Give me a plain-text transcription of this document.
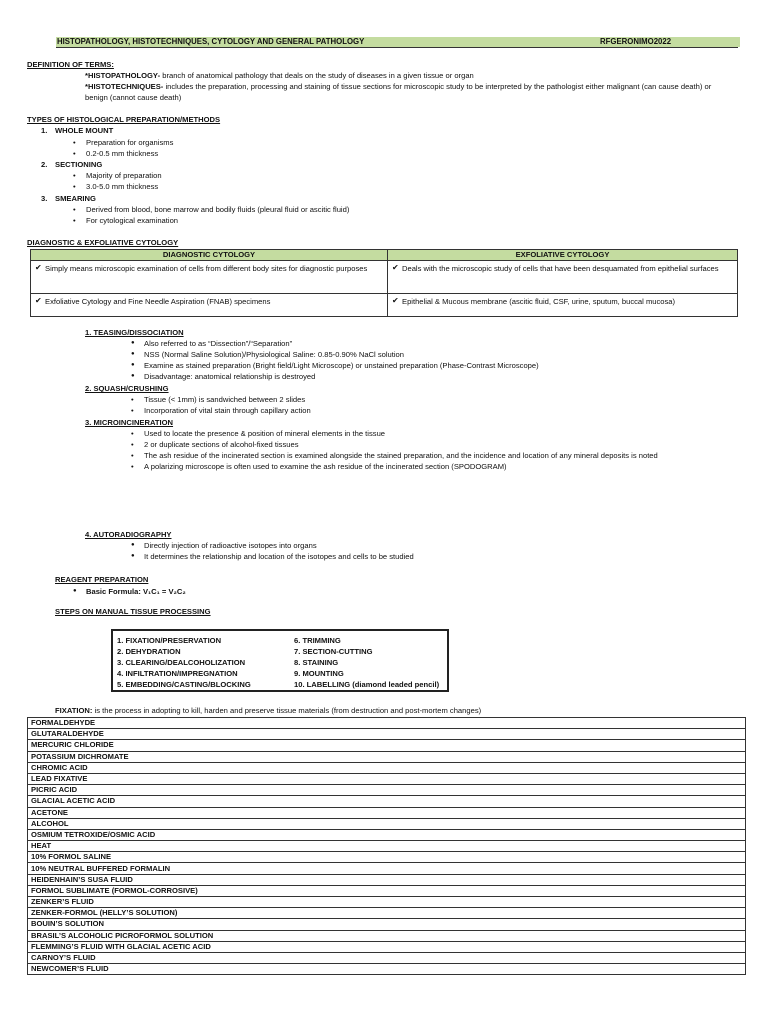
HISTOPATHOLOGY, HISTOTECHNIQUES, CYTOLOGY AND GENERAL PATHOLOGY	RFGERONIMO2022
DEFINITION OF TERMS:
*HISTOPATHOLOGY- branch of anatomical pathology that deals on the study of diseases in a given tissue or organ
*HISTOTECHNIQUES- includes the preparation, processing and staining of tissue sections for microscopic study to be interpreted by the pathologist either malignant (can cause death) or benign (cannot cause death)
TYPES OF HISTOLOGICAL PREPARATION/METHODS
1. WHOLE MOUNT
• Preparation for organisms
• 0.2-0.5 mm thickness
2. SECTIONING
• Majority of preparation
• 3.0-5.0 mm thickness
3. SMEARING
• Derived from blood, bone marrow and bodily fluids (pleural fluid or ascitic fluid)
• For cytological examination
DIAGNOSTIC & EXFOLIATIVE CYTOLOGY
DIAGNOSTIC CYTOLOGY	EXFOLIATIVE CYTOLOGY

✔ Simply means microscopic examination of cells from different body sites for diagnostic purposes	✔ Deals with the microscopic study of cells that have been desquamated from epithelial surfaces

✔ Exfoliative Cytology and Fine Needle Aspiration (FNAB) specimens	✔ Epithelial & Mucous membrane (ascitic fluid, CSF, urine, sputum, buccal mucosa)
1. TEASING/DISSOCIATION
● Also referred to as “Dissection”/“Separation”
● NSS (Normal Saline Solution)/Physiological Saline: 0.85-0.90% NaCl solution
● Examine as stained preparation (Bright field/Light Microscope) or unstained preparation (Phase-Contrast Microscope)
● Disadvantage: anatomical relationship is destroyed
2. SQUASH/CRUSHING
• Tissue (< 1mm) is sandwiched between 2 slides
• Incorporation of vital stain through capillary action
3. MICROINCINERATION
• Used to locate the presence & position of mineral elements in the tissue
• 2 or duplicate sections of alcohol-fixed tissues
• The ash residue of the incinerated section is examined alongside the stained preparation, and the incidence and location of any mineral deposits is noted
• A polarizing microscope is often used to examine the ash residue of the incinerated section (SPODOGRAM)
4. AUTORADIOGRAPHY
● Directly injection of radioactive isotopes into organs
● It determines the relationship and location of the isotopes and cells to be studied
REAGENT PREPARATION
● Basic Formula: V₁C₁ = V₂C₂
STEPS ON MANUAL TISSUE PROCESSING
1. FIXATION/PRESERVATION
2. DEHYDRATION
3. CLEARING/DEALCOHOLIZATION
4. INFILTRATION/IMPREGNATION
5. EMBEDDING/CASTING/BLOCKING
6. TRIMMING
7. SECTION-CUTTING
8. STAINING
9. MOUNTING
10. LABELLING (diamond leaded pencil)
FIXATION: is the process in adopting to kill, harden and preserve tissue materials (from destruction and post-mortem changes)
FORMALDEHYDE
GLUTARALDEHYDE
MERCURIC CHLORIDE
POTASSIUM DICHROMATE
CHROMIC ACID
LEAD FIXATIVE
PICRIC ACID
GLACIAL ACETIC ACID
ACETONE
ALCOHOL
OSMIUM TETROXIDE/OSMIC ACID
HEAT
10% FORMOL SALINE
10% NEUTRAL BUFFERED FORMALIN
HEIDENHAIN’S SUSA FLUID
FORMOL SUBLIMATE (FORMOL-CORROSIVE)
ZENKER’S FLUID
ZENKER-FORMOL (HELLY’S SOLUTION)
BOUIN’S SOLUTION
BRASIL’S ALCOHOLIC PICROFORMOL SOLUTION
FLEMMING’S FLUID WITH GLACIAL ACETIC ACID
CARNOY’S FLUID
NEWCOMER’S FLUID
